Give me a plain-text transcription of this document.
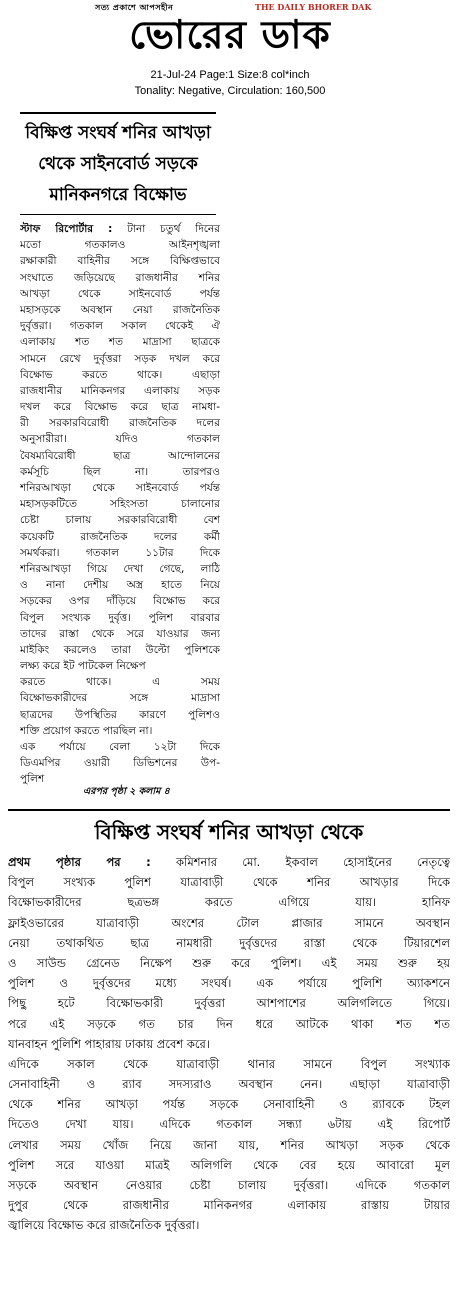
সত্য প্রকাশে আপসহীন	THE DAILY BHORER DAK
ভোরের ডাক
21-Jul-24 Page:1 Size:8 col*inch
Tonality: Negative, Circulation: 160,500
বিক্ষিপ্ত সংঘর্ষ শনির আখড়া
থেকে সাইনবোর্ড সড়কে
মানিকনগরে বিক্ষোভ
স্টাফ রিপোর্টার : টানা চতুর্থ দিনের
মতো গতকালও আইনশৃঙ্খলা
রক্ষাকারী বাহিনীর সঙ্গে বিক্ষিপ্তভাবে
সংঘাতে জড়িয়েছে রাজধানীর শনির
আখড়া থেকে সাইনবোর্ড পর্যন্ত
মহাসড়কে অবস্থান নেয়া রাজনৈতিক
দুর্বৃত্তরা। গতকাল সকাল থেকেই ঐ
এলাকায় শত শত মাদ্রাসা ছাত্রকে
সামনে রেখে দুর্বৃত্তরা সড়ক দখল করে
বিক্ষোভ করতে থাকে। এছাড়া
রাজধানীর মানিকনগর এলাকায় সড়ক
দখল করে বিক্ষোভ করে ছাত্র নামধা-
রী সরকারবিরোধী রাজনৈতিক দলের
অনুসারীরা। যদিও গতকাল
বৈষম্যবিরোধী ছাত্র আন্দোলনের
কর্মসূচি ছিল না। তারপরও
শনিরআখড়া থেকে সাইনবোর্ড পর্যন্ত
মহাসড়কটিতে সহিংসতা চালানোর
চেষ্টা চালায় সরকারবিরোধী বেশ
কয়েকটি রাজনৈতিক দলের কর্মী
সমর্থকরা। গতকাল ১১টার দিকে
শনিরআখড়া গিয়ে দেখা গেছে, লাঠি
ও নানা দেশীয় অস্ত্র হাতে নিয়ে
সড়কের ওপর দাঁড়িয়ে বিক্ষোভ করে
বিপুল সংখ্যক দুর্বৃত্ত। পুলিশ বারবার
তাদের রাস্তা থেকে সরে যাওয়ার জন্য
মাইকিং করলেও তারা উল্টো পুলিশকে
লক্ষ্য করে ইট পাটকেল নিক্ষেপ
করতে থাকে। এ সময়
বিক্ষোভকারীদের সঙ্গে মাদ্রাসা
ছাত্রদের উপস্থিতির কারণে পুলিশও
শক্তি প্রয়োগ করতে পারছিল না।
এক পর্যায়ে বেলা ১২টা দিকে
ডিএমপির ওয়ারী ডিভিশনের উপ-
পুলিশ
এরপর পৃষ্ঠা ২ কলাম ৪
বিক্ষিপ্ত সংঘর্ষ শনির আখড়া থেকে
প্রথম পৃষ্ঠার পর : কমিশনার মো. ইকবাল হোসাইনের নেতৃত্বে
বিপুল সংখ্যক পুলিশ যাত্রাবাড়ী থেকে শনির আখড়ার দিকে
বিক্ষোভকারীদের ছত্রভঙ্গ করতে এগিয়ে যায়। হানিফ
ফ্লাইওভারের যাত্রাবাড়ী অংশের টোল প্লাজার সামনে অবস্থান
নেয়া তথাকথিত ছাত্র নামধারী দুর্বৃত্তদের রাস্তা থেকে টিয়ারশেল
ও সাউন্ড গ্রেনেড নিক্ষেপ শুরু করে পুলিশ। এই সময় শুরু হয়
পুলিশ ও দুর্বৃত্তদের মধ্যে সংঘর্ষ। এক পর্যায়ে পুলিশি অ্যাকশনে
পিছু হটে বিক্ষোভকারী দুর্বৃত্তরা আশপাশের অলিগলিতে গিয়ে।
পরে এই সড়কে গত চার দিন ধরে আটকে থাকা শত শত
যানবাহন পুলিশি পাহারায় ঢাকায় প্রবেশ করে।
এদিকে সকাল থেকে যাত্রাবাড়ী থানার সামনে বিপুল সংখ্যাক
সেনাবাহিনী ও র‍্যাব সদস্যরাও অবস্থান নেন। এছাড়া যাত্রাবাড়ী
থেকে শনির আখড়া পর্যন্ত সড়কে সেনাবাহিনী ও র‍্যাবকে টহল
দিতেও দেখা যায়। এদিকে গতকাল সন্ধ্যা ৬টায় এই রিপোর্ট
লেখার সময় খোঁজ নিয়ে জানা যায়, শনির আখড়া সড়ক থেকে
পুলিশ সরে যাওয়া মাত্রই অলিগলি থেকে বের হয়ে আবারো মূল
সড়কে অবস্থান নেওয়ার চেষ্টা চালায় দুর্বৃত্তরা। এদিকে গতকাল
দুপুর থেকে রাজধানীর মানিকনগর এলাকায় রাস্তায় টায়ার
জ্বালিয়ে বিক্ষোভ করে রাজনৈতিক দুর্বৃত্তরা।
